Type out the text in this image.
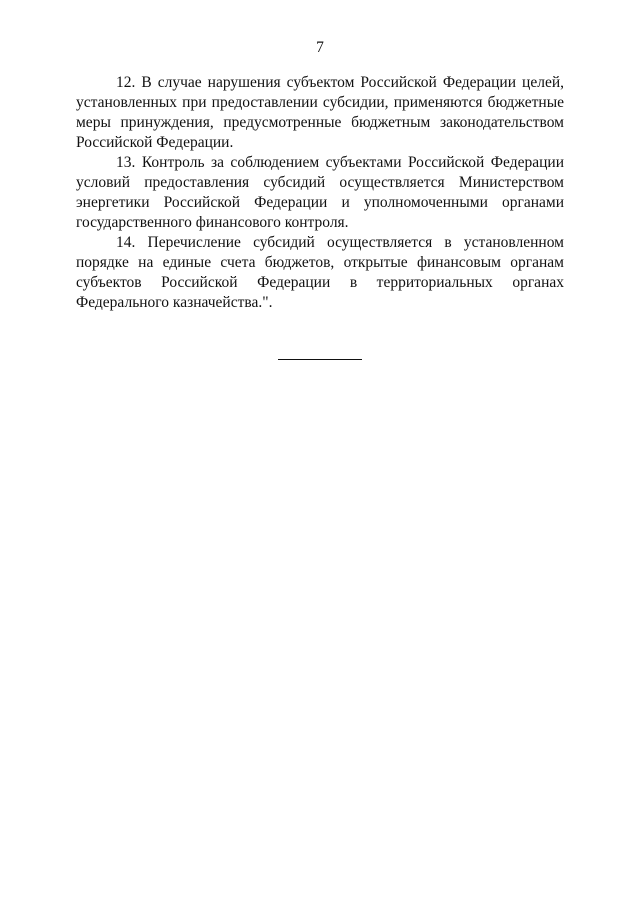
7

12. В случае нарушения субъектом Российской Федерации целей, установленных при предоставлении субсидии, применяются бюджетные меры принуждения, предусмотренные бюджетным законодательством Российской Федерации.

13. Контроль за соблюдением субъектами Российской Федерации условий предоставления субсидий осуществляется Министерством энергетики Российской Федерации и уполномоченными органами государственного финансового контроля.

14. Перечисление субсидий осуществляется в установленном порядке на единые счета бюджетов, открытые финансовым органам субъектов Российской Федерации в территориальных органах Федерального казначейства.".
